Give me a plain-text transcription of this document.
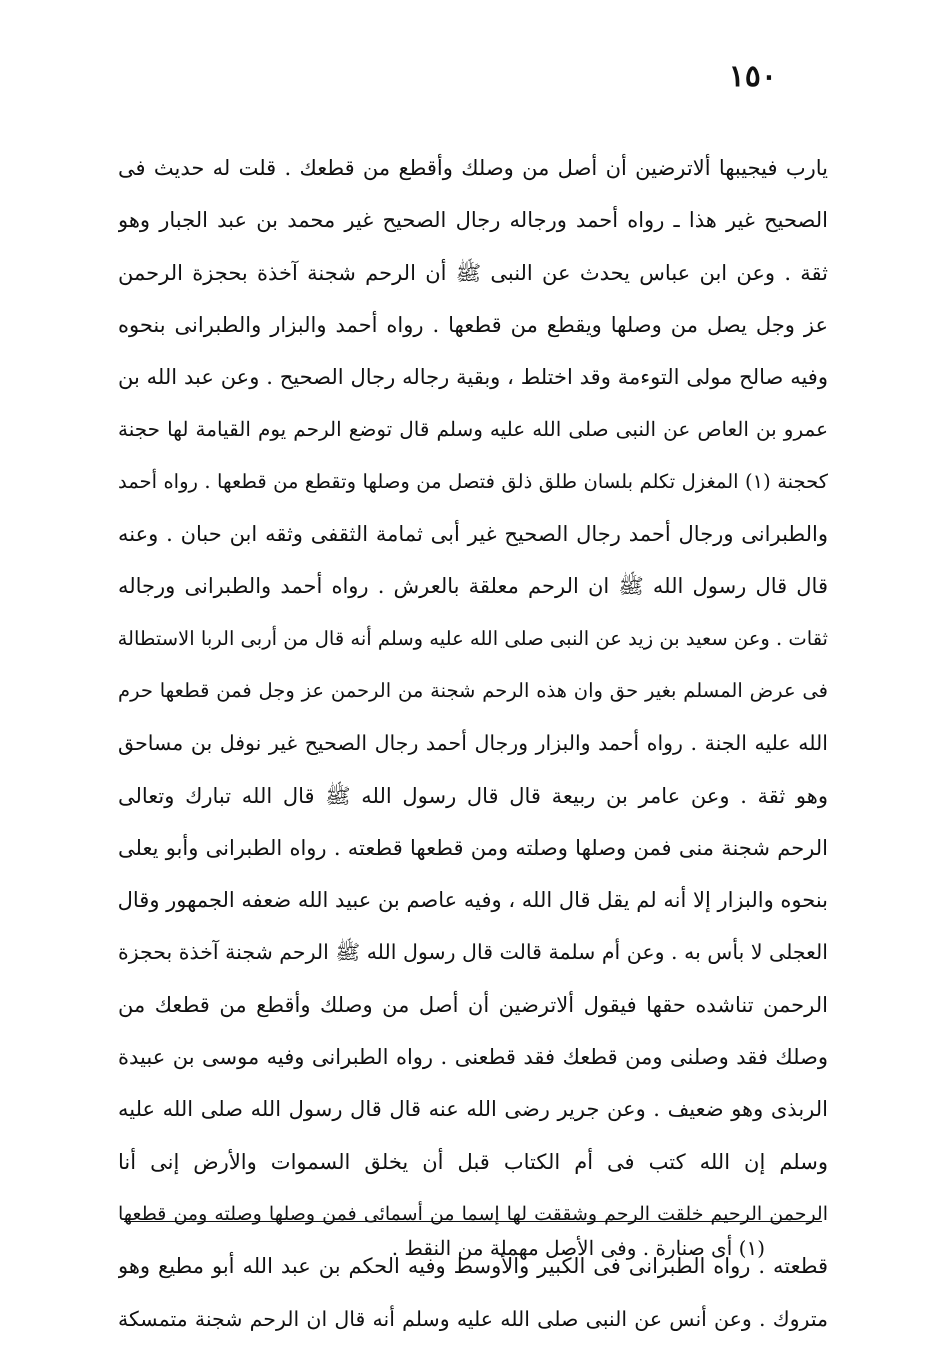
١٥٠
يارب فيجيبها ألاترضين أن أصل من وصلك وأقطع من قطعك . قلت له حديث فى
الصحيح غير هذا ـ رواه أحمد ورجاله رجال الصحيح غير محمد بن عبد الجبار وهو
ثقة . وعن ابن عباس يحدث عن النبى ﷺ أن الرحم شجنة آخذة بحجزة الرحمن
عز وجل يصل من وصلها ويقطع من قطعها . رواه أحمد والبزار والطبرانى بنحوه
وفيه صالح مولى التوءمة وقد اختلط ، وبقية رجاله رجال الصحيح . وعن عبد الله بن
عمرو بن العاص عن النبى صلى الله عليه وسلم قال توضع الرحم يوم القيامة لها حجنة
كحجنة (١) المغزل تكلم بلسان طلق ذلق فتصل من وصلها وتقطع من قطعها . رواه أحمد
والطبرانى ورجال أحمد رجال الصحيح غير أبى ثمامة الثقفى وثقه ابن حبان . وعنه
قال قال رسول الله ﷺ ان الرحم معلقة بالعرش . رواه أحمد والطبرانى ورجاله
ثقات . وعن سعيد بن زيد عن النبى صلى الله عليه وسلم أنه قال من أربى الربا الاستطالة
فى عرض المسلم بغير حق وان هذه الرحم شجنة من الرحمن عز وجل فمن قطعها حرم
الله عليه الجنة . رواه أحمد والبزار ورجال أحمد رجال الصحيح غير نوفل بن مساحق
وهو ثقة . وعن عامر بن ربيعة قال قال رسول الله ﷺ قال الله تبارك وتعالى
الرحم شجنة منى فمن وصلها وصلته ومن قطعها قطعته . رواه الطبرانى وأبو يعلى
بنحوه والبزار إلا أنه لم يقل قال الله ، وفيه عاصم بن عبيد الله ضعفه الجمهور وقال
العجلى لا بأس به . وعن أم سلمة قالت قال رسول الله ﷺ الرحم شجنة آخذة بحجزة
الرحمن تناشده حقها فيقول ألاترضين أن أصل من وصلك وأقطع من قطعك من
وصلك فقد وصلنى ومن قطعك فقد قطعنى . رواه الطبرانى وفيه موسى بن عبيدة
الربذى وهو ضعيف . وعن جرير رضى الله عنه قال قال رسول الله صلى الله عليه
وسلم إن الله كتب فى أم الكتاب قبل أن يخلق السموات والأرض إنى أنا
الرحمن الرحيم خلقت الرحم وشققت لها إسما من أسمائى فمن وصلها وصلته ومن قطعها
قطعته . رواه الطبرانى فى الكبير والأوسط وفيه الحكم بن عبد الله أبو مطيع وهو
متروك . وعن أنس عن النبى صلى الله عليه وسلم أنه قال ان الرحم شجنة متمسكة
(١) أى صنارة . وفى الأصل مهملة من النقط .
